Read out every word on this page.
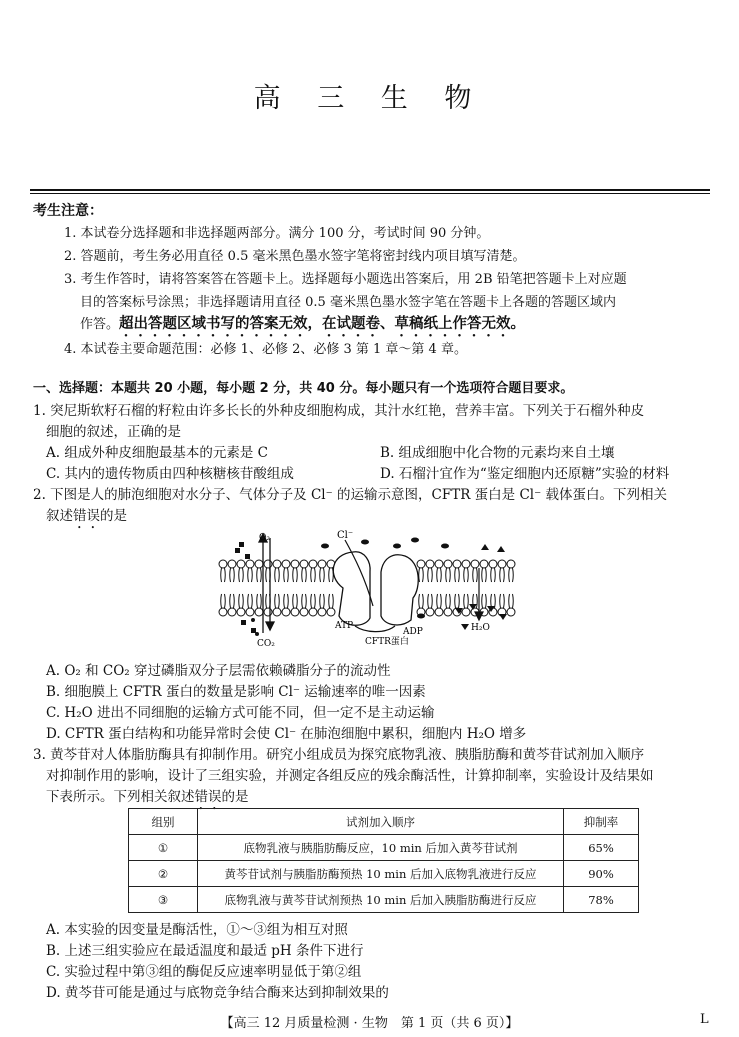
高 三 生 物
考生注意：
1. 本试卷分选择题和非选择题两部分。满分 100 分，考试时间 90 分钟。
2. 答题前，考生务必用直径 0.5 毫米黑色墨水签字笔将密封线内项目填写清楚。
3. 考生作答时，请将答案答在答题卡上。选择题每小题选出答案后，用 2B 铅笔把答题卡上对应题
目的答案标号涂黑；非选择题请用直径 0.5 毫米黑色墨水签字笔在答题卡上各题的答题区域内
作答。超出答题区域书写的答案无效，在试题卷、草稿纸上作答无效。
4. 本试卷主要命题范围：必修 1、必修 2、必修 3 第 1 章～第 4 章。
一、选择题：本题共 20 小题，每小题 2 分，共 40 分。每小题只有一个选项符合题目要求。
1. 突尼斯软籽石榴的籽粒由许多长长的外种皮细胞构成，其汁水红艳，营养丰富。下列关于石榴外种皮
细胞的叙述，正确的是
A. 组成外种皮细胞最基本的元素是 C	B. 组成细胞中化合物的元素均来自土壤
C. 其内的遗传物质由四种核糖核苷酸组成	D. 石榴汁宜作为“鉴定细胞内还原糖”实验的材料
2. 下图是人的肺泡细胞对水分子、气体分子及 Cl⁻ 的运输示意图，CFTR 蛋白是 Cl⁻ 载体蛋白。下列相关
叙述错误的是
O₂
CO₂
Cl⁻
ATP
ADP
CFTR蛋白
H₂O
A. O₂ 和 CO₂ 穿过磷脂双分子层需依赖磷脂分子的流动性
B. 细胞膜上 CFTR 蛋白的数量是影响 Cl⁻ 运输速率的唯一因素
C. H₂O 进出不同细胞的运输方式可能不同，但一定不是主动运输
D. CFTR 蛋白结构和功能异常时会使 Cl⁻ 在肺泡细胞中累积，细胞内 H₂O 增多
3. 黄芩苷对人体脂肪酶具有抑制作用。研究小组成员为探究底物乳液、胰脂肪酶和黄芩苷试剂加入顺序
对抑制作用的影响，设计了三组实验，并测定各组反应的残余酶活性，计算抑制率，实验设计及结果如
下表所示。下列相关叙述错误的是
组别	试剂加入顺序	抑制率
①	底物乳液与胰脂肪酶反应，10 min 后加入黄芩苷试剂	65%
②	黄芩苷试剂与胰脂肪酶预热 10 min 后加入底物乳液进行反应	90%
③	底物乳液与黄芩苷试剂预热 10 min 后加入胰脂肪酶进行反应	78%
A. 本实验的因变量是酶活性，①～③组为相互对照
B. 上述三组实验应在最适温度和最适 pH 条件下进行
C. 实验过程中第③组的酶促反应速率明显低于第②组
D. 黄芩苷可能是通过与底物竞争结合酶来达到抑制效果的
【高三 12 月质量检测 · 生物　第 1 页（共 6 页）】	L
